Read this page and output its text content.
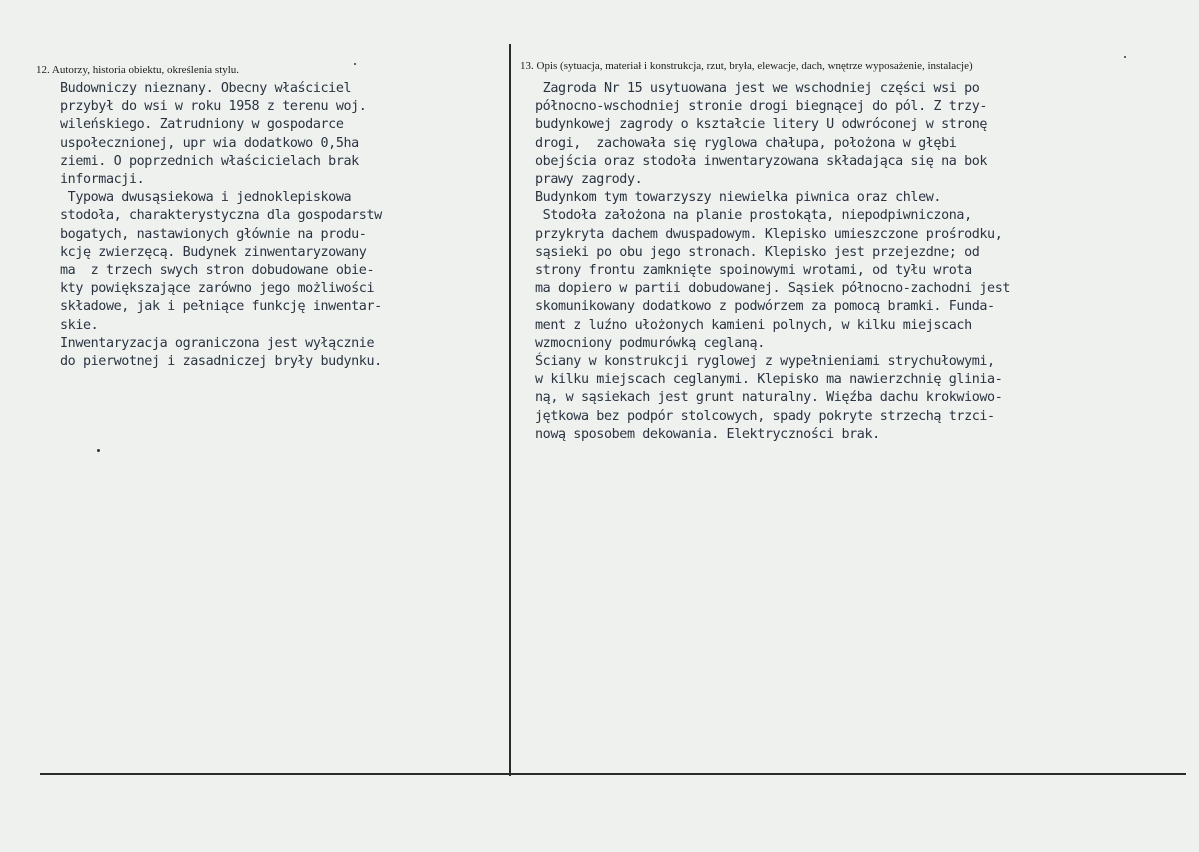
12. Autorzy, historia obiektu, określenia stylu.	13. Opis (sytuacja, materiał i konstrukcja, rzut, bryła, elewacje, dach, wnętrze wyposażenie, instalacje)
Budowniczy nieznany. Obecny właściciel
przybył do wsi w roku 1958 z terenu woj.
wileńskiego. Zatrudniony w gospodarce
uspołecznionej, upr wia dodatkowo 0,5ha
ziemi. O poprzednich właścicielach brak
informacji.
Typowa dwusąsiekowa i jednoklepiskowa
stodoła, charakterystyczna dla gospodarstw
bogatych, nastawionych głównie na produ-
kcję zwierzęcą. Budynek zinwentaryzowany
ma  z trzech swych stron dobudowane obie-
kty powiększające zarówno jego możliwości
składowe, jak i pełniące funkcję inwentar-
skie.
Inwentaryzacja ograniczona jest wyłącznie
do pierwotnej i zasadniczej bryły budynku.
Zagroda Nr 15 usytuowana jest we wschodniej części wsi po
północno-wschodniej stronie drogi biegnącej do pól. Z trzy-
budynkowej zagrody o kształcie litery U odwróconej w stronę
drogi,  zachowała się ryglowa chałupa, położona w głębi
obejścia oraz stodoła inwentaryzowana składająca się na bok
prawy zagrody.
Budynkom tym towarzyszy niewielka piwnica oraz chlew.
Stodoła założona na planie prostokąta, niepodpiwniczona,
przykryta dachem dwuspadowym. Klepisko umieszczone prośrodku,
sąsieki po obu jego stronach. Klepisko jest przejezdne; od
strony frontu zamknięte spoinowymi wrotami, od tyłu wrota
ma dopiero w partii dobudowanej. Sąsiek północno-zachodni jest
skomunikowany dodatkowo z podwórzem za pomocą bramki. Funda-
ment z luźno ułożonych kamieni polnych, w kilku miejscach
wzmocniony podmurówką ceglaną.
Ściany w konstrukcji ryglowej z wypełnieniami strychułowymi,
w kilku miejscach ceglanymi. Klepisko ma nawierzchnię glinia-
ną, w sąsiekach jest grunt naturalny. Więźba dachu krokwiowo-
jętkowa bez podpór stolcowych, spady pokryte strzechą trzci-
nową sposobem dekowania. Elektryczności brak.
